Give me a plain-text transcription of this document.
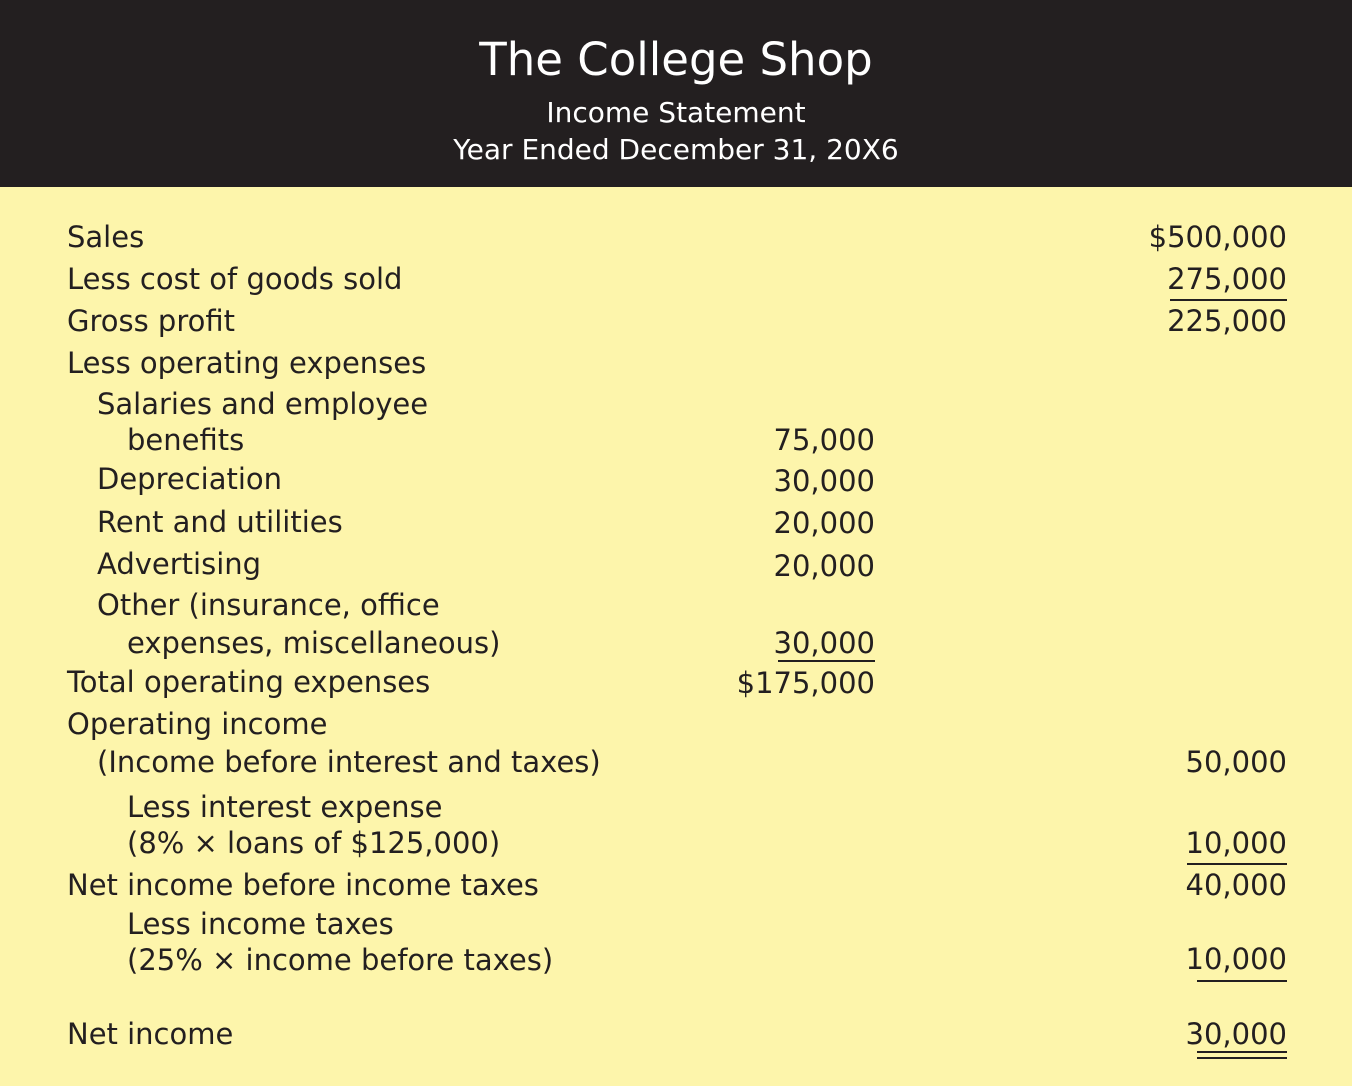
The College Shop
Income Statement
Year Ended December 31, 20X6
Sales	$500,000
Less cost of goods sold	275,000
Gross profit	225,000
Less operating expenses
Salaries and employee
benefits	75,000
Depreciation	30,000
Rent and utilities	20,000
Advertising	20,000
Other (insurance, office
expenses, miscellaneous)	30,000
Total operating expenses	$175,000
Operating income
(Income before interest and taxes)	50,000
Less interest expense
(8% × loans of $125,000)	10,000
Net income before income taxes	40,000
Less income taxes
(25% × income before taxes)	10,000
Net income	30,000
